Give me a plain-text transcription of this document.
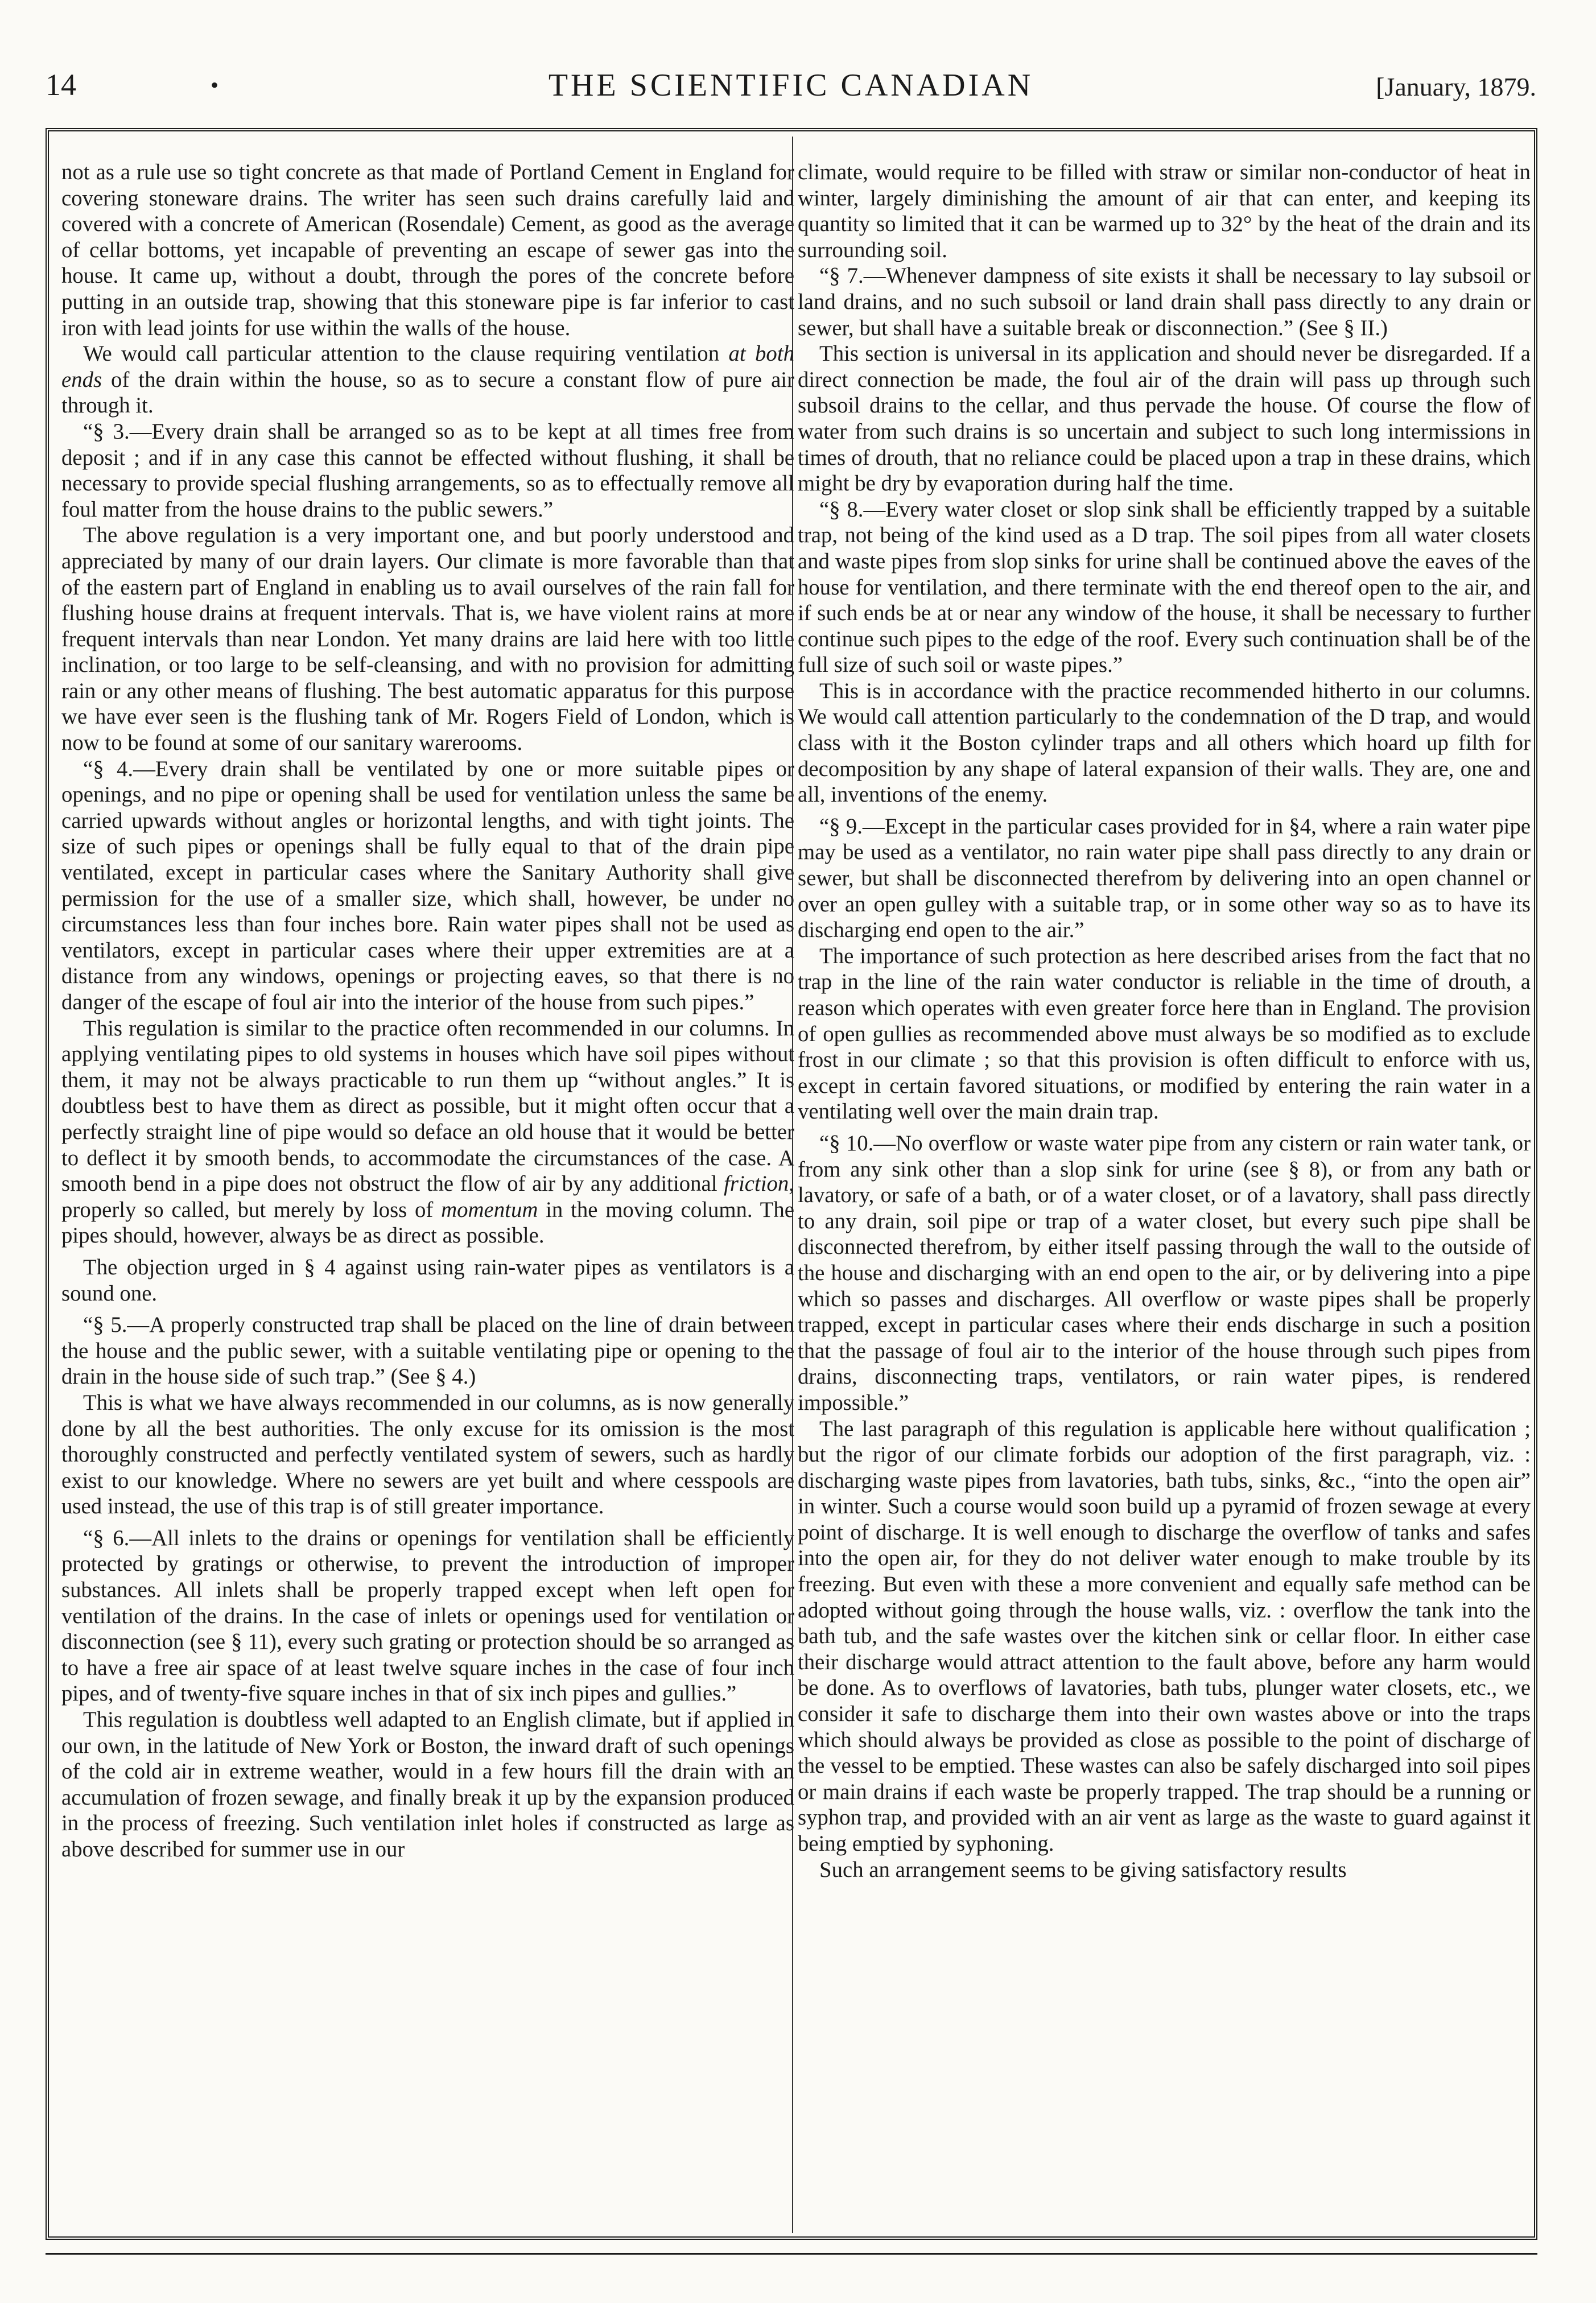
14	•	THE SCIENTIFIC CANADIAN	[January, 1879.

not as a rule use so tight concrete as that made of Portland Cement in England for covering stoneware drains. The writer has seen such drains carefully laid and covered with a concrete of American (Rosendale) Cement, as good as the average of cellar bottoms, yet incapable of preventing an escape of sewer gas into the house. It came up, without a doubt, through the pores of the concrete before putting in an outside trap, showing that this stoneware pipe is far inferior to cast iron with lead joints for use within the walls of the house.

We would call particular attention to the clause requiring ventilation at both ends of the drain within the house, so as to secure a constant flow of pure air through it.

“§ 3.—Every drain shall be arranged so as to be kept at all times free from deposit ; and if in any case this cannot be effected without flushing, it shall be necessary to provide special flushing arrangements, so as to effectually remove all foul matter from the house drains to the public sewers.”

The above regulation is a very important one, and but poorly understood and appreciated by many of our drain layers. Our climate is more favorable than that of the eastern part of England in enabling us to avail ourselves of the rain fall for flushing house drains at frequent intervals. That is, we have violent rains at more frequent intervals than near London. Yet many drains are laid here with too little inclination, or too large to be self-cleansing, and with no provision for admitting rain or any other means of flushing. The best automatic apparatus for this purpose we have ever seen is the flushing tank of Mr. Rogers Field of London, which is now to be found at some of our sanitary warerooms.

“§ 4.—Every drain shall be ventilated by one or more suitable pipes or openings, and no pipe or opening shall be used for ventilation unless the same be carried upwards without angles or horizontal lengths, and with tight joints. The size of such pipes or openings shall be fully equal to that of the drain pipe ventilated, except in particular cases where the Sanitary Authority shall give permission for the use of a smaller size, which shall, however, be under no circumstances less than four inches bore. Rain water pipes shall not be used as ventilators, except in particular cases where their upper extremities are at a distance from any windows, openings or projecting eaves, so that there is no danger of the escape of foul air into the interior of the house from such pipes.”

This regulation is similar to the practice often recommended in our columns. In applying ventilating pipes to old systems in houses which have soil pipes without them, it may not be always practicable to run them up “without angles.” It is doubtless best to have them as direct as possible, but it might often occur that a perfectly straight line of pipe would so deface an old house that it would be better to deflect it by smooth bends, to accommodate the circumstances of the case. A smooth bend in a pipe does not obstruct the flow of air by any additional friction, properly so called, but merely by loss of momentum in the moving column. The pipes should, however, always be as direct as possible.

The objection urged in § 4 against using rain-water pipes as ventilators is a sound one.

“§ 5.—A properly constructed trap shall be placed on the line of drain between the house and the public sewer, with a suitable ventilating pipe or opening to the drain in the house side of such trap.” (See § 4.)

This is what we have always recommended in our columns, as is now generally done by all the best authorities. The only excuse for its omission is the most thoroughly constructed and perfectly ventilated system of sewers, such as hardly exist to our knowledge. Where no sewers are yet built and where cesspools are used instead, the use of this trap is of still greater importance.

“§ 6.—All inlets to the drains or openings for ventilation shall be efficiently protected by gratings or otherwise, to prevent the introduction of improper substances. All inlets shall be properly trapped except when left open for ventilation of the drains. In the case of inlets or openings used for ventilation or disconnection (see § 11), every such grating or protection should be so arranged as to have a free air space of at least twelve square inches in the case of four inch pipes, and of twenty-five square inches in that of six inch pipes and gullies.”

This regulation is doubtless well adapted to an English climate, but if applied in our own, in the latitude of New York or Boston, the inward draft of such openings of the cold air in extreme weather, would in a few hours fill the drain with an accumulation of frozen sewage, and finally break it up by the expansion produced in the process of freezing. Such ventilation inlet holes if constructed as large as above described for summer use in our

climate, would require to be filled with straw or similar non-conductor of heat in winter, largely diminishing the amount of air that can enter, and keeping its quantity so limited that it can be warmed up to 32° by the heat of the drain and its surrounding soil.

“§ 7.—Whenever dampness of site exists it shall be necessary to lay subsoil or land drains, and no such subsoil or land drain shall pass directly to any drain or sewer, but shall have a suitable break or disconnection.” (See § II.)

This section is universal in its application and should never be disregarded. If a direct connection be made, the foul air of the drain will pass up through such subsoil drains to the cellar, and thus pervade the house. Of course the flow of water from such drains is so uncertain and subject to such long intermissions in times of drouth, that no reliance could be placed upon a trap in these drains, which might be dry by evaporation during half the time.

“§ 8.—Every water closet or slop sink shall be efficiently trapped by a suitable trap, not being of the kind used as a D trap. The soil pipes from all water closets and waste pipes from slop sinks for urine shall be continued above the eaves of the house for ventilation, and there terminate with the end thereof open to the air, and if such ends be at or near any window of the house, it shall be necessary to further continue such pipes to the edge of the roof. Every such continuation shall be of the full size of such soil or waste pipes.”

This is in accordance with the practice recommended hitherto in our columns. We would call attention particularly to the condemnation of the D trap, and would class with it the Boston cylinder traps and all others which hoard up filth for decomposition by any shape of lateral expansion of their walls. They are, one and all, inventions of the enemy.

“§ 9.—Except in the particular cases provided for in §4, where a rain water pipe may be used as a ventilator, no rain water pipe shall pass directly to any drain or sewer, but shall be disconnected therefrom by delivering into an open channel or over an open gulley with a suitable trap, or in some other way so as to have its discharging end open to the air.”

The importance of such protection as here described arises from the fact that no trap in the line of the rain water conductor is reliable in the time of drouth, a reason which operates with even greater force here than in England. The provision of open gullies as recommended above must always be so modified as to exclude frost in our climate ; so that this provision is often difficult to enforce with us, except in certain favored situations, or modified by entering the rain water in a ventilating well over the main drain trap.

“§ 10.—No overflow or waste water pipe from any cistern or rain water tank, or from any sink other than a slop sink for urine (see § 8), or from any bath or lavatory, or safe of a bath, or of a water closet, or of a lavatory, shall pass directly to any drain, soil pipe or trap of a water closet, but every such pipe shall be disconnected therefrom, by either itself passing through the wall to the outside of the house and discharging with an end open to the air, or by delivering into a pipe which so passes and discharges. All overflow or waste pipes shall be properly trapped, except in particular cases where their ends discharge in such a position that the passage of foul air to the interior of the house through such pipes from drains, disconnecting traps, ventilators, or rain water pipes, is rendered impossible.”

The last paragraph of this regulation is applicable here without qualification ; but the rigor of our climate forbids our adoption of the first paragraph, viz. : discharging waste pipes from lavatories, bath tubs, sinks, &c., “into the open air” in winter. Such a course would soon build up a pyramid of frozen sewage at every point of discharge. It is well enough to discharge the overflow of tanks and safes into the open air, for they do not deliver water enough to make trouble by its freezing. But even with these a more convenient and equally safe method can be adopted without going through the house walls, viz. : overflow the tank into the bath tub, and the safe wastes over the kitchen sink or cellar floor. In either case their discharge would attract attention to the fault above, before any harm would be done. As to overflows of lavatories, bath tubs, plunger water closets, etc., we consider it safe to discharge them into their own wastes above or into the traps which should always be provided as close as possible to the point of discharge of the vessel to be emptied. These wastes can also be safely discharged into soil pipes or main drains if each waste be properly trapped. The trap should be a running or syphon trap, and provided with an air vent as large as the waste to guard against it being emptied by syphoning.

Such an arrangement seems to be giving satisfactory results
